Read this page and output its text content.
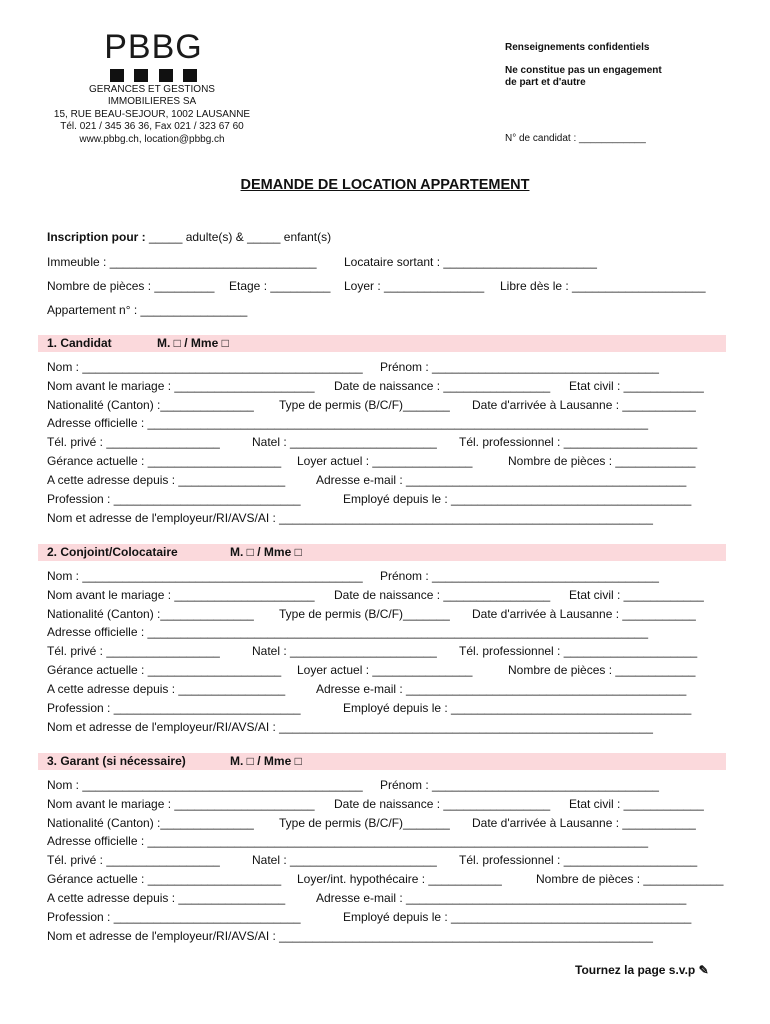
PBBG
GERANCES ET GESTIONS
IMMOBILIERES SA
15, RUE BEAU-SEJOUR, 1002 LAUSANNE
Tél. 021 / 345 36 36, Fax 021 / 323 67 60
www.pbbg.ch, location@pbbg.ch
Renseignements confidentiels
Ne constitue pas un engagement
de part et d'autre
N° de candidat : ____________
DEMANDE DE LOCATION APPARTEMENT
Inscription pour : _____ adulte(s) & _____ enfant(s)
Immeuble : _______________________________ Locataire sortant : _______________________
Nombre de pièces : _________ Etage : _________ Loyer : _______________ Libre dès le : ____________________
Appartement n° : ________________
1. Candidat	M. □ / Mme □
Nom : __________________________________________ Prénom : __________________________________
Nom avant le mariage : _____________________ Date de naissance : ________________ Etat civil : ____________
Nationalité (Canton) :______________ Type de permis (B/C/F)_______ Date d'arrivée à Lausanne : ___________
Adresse officielle : ___________________________________________________________________________
Tél. privé : _________________	Natel : ______________________ Tél. professionnel : ____________________
Gérance actuelle : ____________________ Loyer actuel : _______________	Nombre de pièces : ____________
A cette adresse depuis : ________________	Adresse e-mail : __________________________________________
Profession : ____________________________	Employé depuis le : ____________________________________
Nom et adresse de l'employeur/RI/AVS/AI : ________________________________________________________
2. Conjoint/Colocataire	M. □ / Mme □
Nom : __________________________________________ Prénom : __________________________________
Nom avant le mariage : _____________________ Date de naissance : ________________ Etat civil : ____________
Nationalité (Canton) :______________ Type de permis (B/C/F)_______ Date d'arrivée à Lausanne : ___________
Adresse officielle : ___________________________________________________________________________
Tél. privé : _________________	Natel : ______________________ Tél. professionnel : ____________________
Gérance actuelle : ____________________ Loyer actuel : _______________	Nombre de pièces : ____________
A cette adresse depuis : ________________	Adresse e-mail : __________________________________________
Profession : ____________________________	Employé depuis le : ____________________________________
Nom et adresse de l'employeur/RI/AVS/AI : ________________________________________________________
3. Garant (si nécessaire)	M. □ / Mme □
Nom : __________________________________________ Prénom : __________________________________
Nom avant le mariage : _____________________ Date de naissance : ________________ Etat civil : ____________
Nationalité (Canton) :______________ Type de permis (B/C/F)_______ Date d'arrivée à Lausanne : ___________
Adresse officielle : ___________________________________________________________________________
Tél. privé : _________________	Natel : ______________________ Tél. professionnel : ____________________
Gérance actuelle : ____________________ Loyer/int. hypothécaire : ___________	Nombre de pièces : ____________
A cette adresse depuis : ________________	Adresse e-mail : __________________________________________
Profession : ____________________________	Employé depuis le : ____________________________________
Nom et adresse de l'employeur/RI/AVS/AI : ________________________________________________________
Tournez la page s.v.p ✎
